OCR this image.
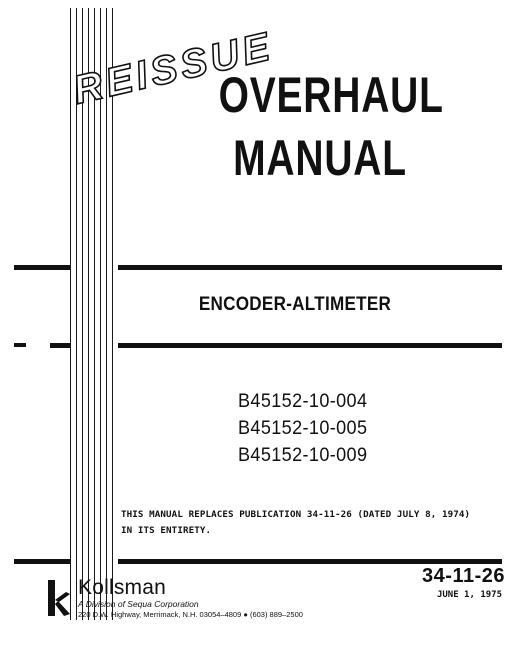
REISSUE
OVERHAUL
MANUAL
ENCODER-ALTIMETER
B45152-10-004
B45152-10-005
B45152-10-009
THIS MANUAL REPLACES PUBLICATION 34-11-26 (DATED JULY 8, 1974)
IN ITS ENTIRETY.
34-11-26
JUNE 1, 1975
Kollsman
A Division of Sequa Corporation
220 D.W. Highway, Merrimack, N.H. 03054–4809 ● (603) 889–2500
